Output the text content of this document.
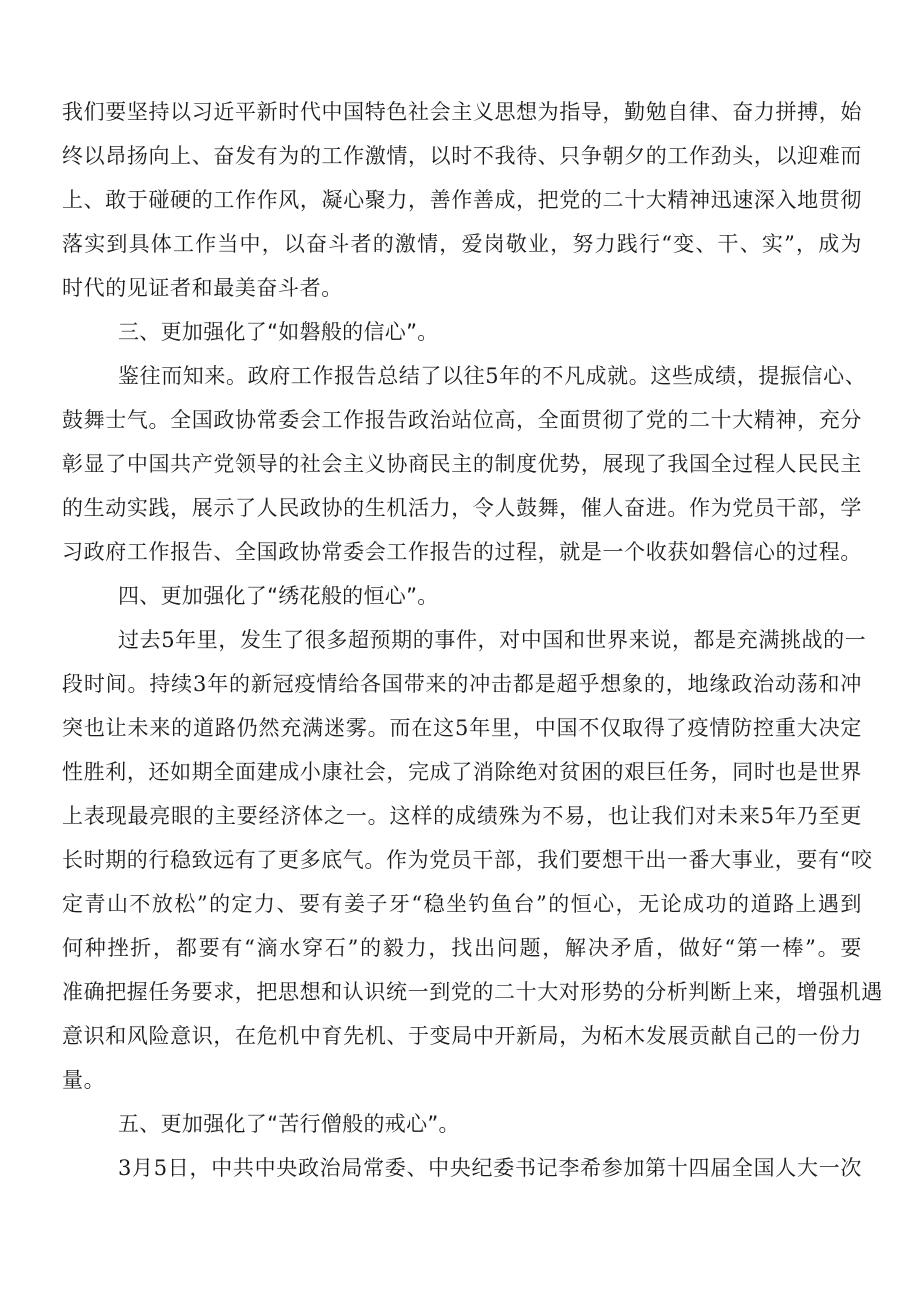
我们要坚持以习近平新时代中国特色社会主义思想为指导，勤勉自律、奋力拼搏，始
终以昂扬向上、奋发有为的工作激情，以时不我待、只争朝夕的工作劲头，以迎难而
上、敢于碰硬的工作作风，凝心聚力，善作善成，把党的二十大精神迅速深入地贯彻
落实到具体工作当中，以奋斗者的激情，爱岗敬业，努力践行“变、干、实”，成为
时代的见证者和最美奋斗者。
三、更加强化了“如磐般的信心”。
鉴往而知来。政府工作报告总结了以往5年的不凡成就。这些成绩，提振信心、
鼓舞士气。全国政协常委会工作报告政治站位高，全面贯彻了党的二十大精神，充分
彰显了中国共产党领导的社会主义协商民主的制度优势，展现了我国全过程人民民主
的生动实践，展示了人民政协的生机活力，令人鼓舞，催人奋进。作为党员干部，学
习政府工作报告、全国政协常委会工作报告的过程，就是一个收获如磐信心的过程。
四、更加强化了“绣花般的恒心”。
过去5年里，发生了很多超预期的事件，对中国和世界来说，都是充满挑战的一
段时间。持续3年的新冠疫情给各国带来的冲击都是超乎想象的，地缘政治动荡和冲
突也让未来的道路仍然充满迷雾。而在这5年里，中国不仅取得了疫情防控重大决定
性胜利，还如期全面建成小康社会，完成了消除绝对贫困的艰巨任务，同时也是世界
上表现最亮眼的主要经济体之一。这样的成绩殊为不易，也让我们对未来5年乃至更
长时期的行稳致远有了更多底气。作为党员干部，我们要想干出一番大事业，要有“咬
定青山不放松”的定力、要有姜子牙“稳坐钓鱼台”的恒心，无论成功的道路上遇到
何种挫折，都要有“滴水穿石”的毅力，找出问题，解决矛盾，做好“第一棒”。要
准确把握任务要求，把思想和认识统一到党的二十大对形势的分析判断上来，增强机遇
意识和风险意识，在危机中育先机、于变局中开新局，为柘木发展贡献自己的一份力
量。
五、更加强化了“苦行僧般的戒心”。
3月5日，中共中央政治局常委、中央纪委书记李希参加第十四届全国人大一次
